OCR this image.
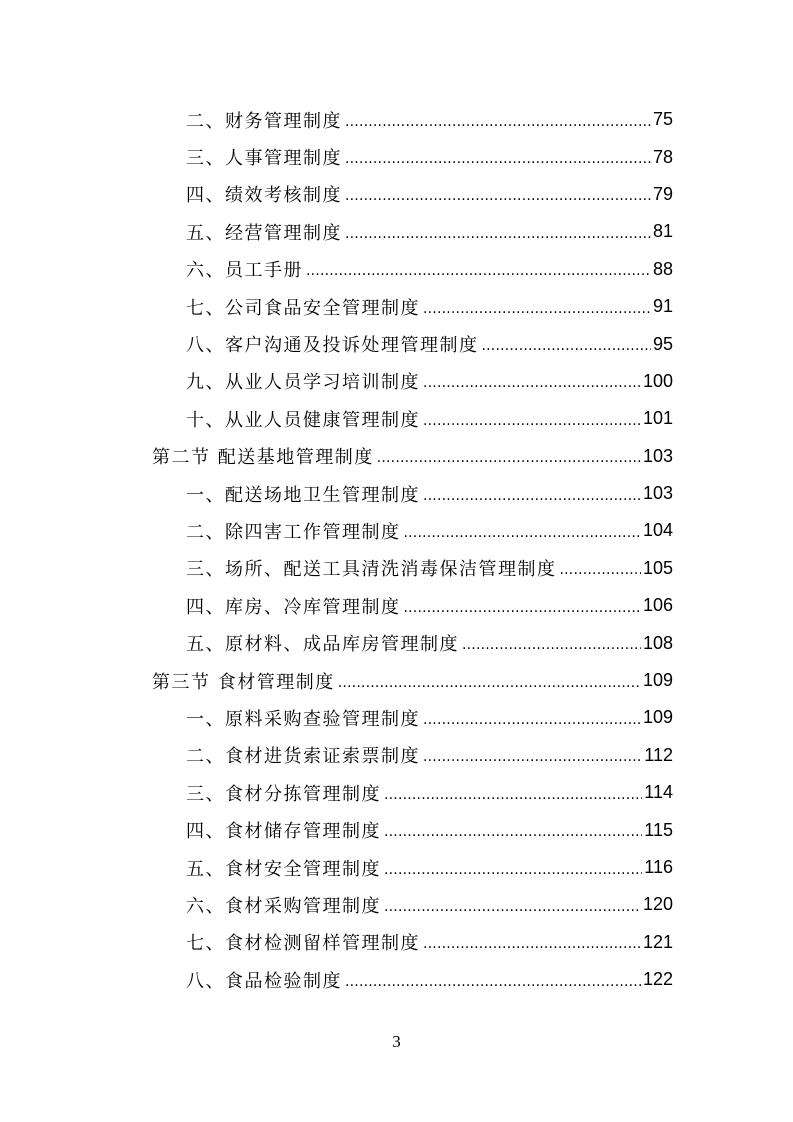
二、财务管理制度 .....	75
三、人事管理制度 .....	78
四、绩效考核制度 .....	79
五、经营管理制度 .....	81
六、员工手册 .....	88
七、公司食品安全管理制度 .....	91
八、客户沟通及投诉处理管理制度 .....	95
九、从业人员学习培训制度 .....	100
十、从业人员健康管理制度 .....	101
第二节 配送基地管理制度 .....	103
一、配送场地卫生管理制度 .....	103
二、除四害工作管理制度 .....	104
三、场所、配送工具清洗消毒保洁管理制度 .....	105
四、库房、冷库管理制度 .....	106
五、原材料、成品库房管理制度 .....	108
第三节 食材管理制度 .....	109
一、原料采购查验管理制度 .....	109
二、食材进货索证索票制度 .....	112
三、食材分拣管理制度 .....	114
四、食材储存管理制度 .....	115
五、食材安全管理制度 .....	116
六、食材采购管理制度 .....	120
七、食材检测留样管理制度 .....	121
八、食品检验制度 .....	122
3
